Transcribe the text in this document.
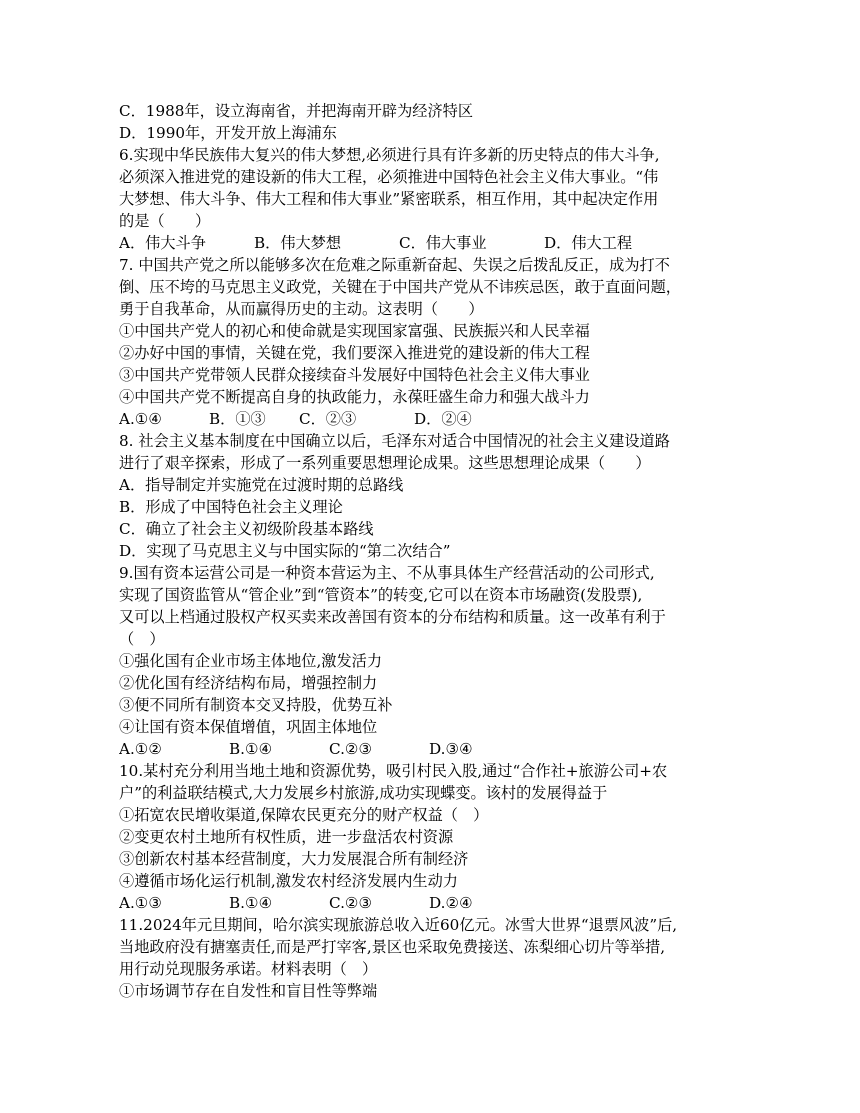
C．1988年，设立海南省，并把海南开辟为经济特区
D．1990年，开发开放上海浦东
6.实现中华民族伟大复兴的伟大梦想,必须进行具有许多新的历史特点的伟大斗争,
必须深入推进党的建设新的伟大工程，必须推进中国特色社会主义伟大事业。“伟
大梦想、伟大斗争、伟大工程和伟大事业”紧密联系，相互作用，其中起决定作用
的是（　　）
A．伟大斗争	B．伟大梦想	C．伟大事业	D．伟大工程
7. 中国共产党之所以能够多次在危难之际重新奋起、失误之后拨乱反正，成为打不
倒、压不垮的马克思主义政党，关键在于中国共产党从不讳疾忌医，敢于直面问题，
勇于自我革命，从而赢得历史的主动。这表明（　　）
①中国共产党人的初心和使命就是实现国家富强、民族振兴和人民幸福
②办好中国的事情，关键在党，我们要深入推进党的建设新的伟大工程
③中国共产党带领人民群众接续奋斗发展好中国特色社会主义伟大事业
④中国共产党不断提高自身的执政能力，永葆旺盛生命力和强大战斗力
A.①④	B．①③	C．②③	D．②④
8. 社会主义基本制度在中国确立以后，毛泽东对适合中国情况的社会主义建设道路
进行了艰辛探索，形成了一系列重要思想理论成果。这些思想理论成果（　　）
A．指导制定并实施党在过渡时期的总路线
B．形成了中国特色社会主义理论
C．确立了社会主义初级阶段基本路线
D．实现了马克思主义与中国实际的“第二次结合”
9.国有资本运营公司是一种资本营运为主、不从事具体生产经营活动的公司形式,
实现了国资监管从“管企业”到“管资本”的转变,它可以在资本市场融资(发股票),
又可以上档通过股权产权买卖来改善国有资本的分布结构和质量。这一改革有利于
（　）
①强化国有企业市场主体地位,激发活力
②优化国有经济结构布局，增强控制力
③便不同所有制资本交叉持股，优势互补
④让国有资本保值增值，巩固主体地位
A.①②	B.①④	C.②③	D.③④
10.某村充分利用当地土地和资源优势，吸引村民入股,通过“合作社+旅游公司+农
户”的利益联结模式,大力发展乡村旅游,成功实现蝶变。该村的发展得益于
①拓宽农民增收渠道,保障农民更充分的财产权益（　）
②变更农村土地所有权性质，进一步盘活农村资源
③创新农村基本经营制度，大力发展混合所有制经济
④遵循市场化运行机制,激发农村经济发展内生动力
A.①③	B.①④	C.②③	D.②④
11.2024年元旦期间，哈尔滨实现旅游总收入近60亿元。冰雪大世界“退票风波”后,
当地政府没有搪塞责任,而是严打宰客,景区也采取免费接送、冻梨细心切片等举措,
用行动兑现服务承诺。材料表明（　）
①市场调节存在自发性和盲目性等弊端
